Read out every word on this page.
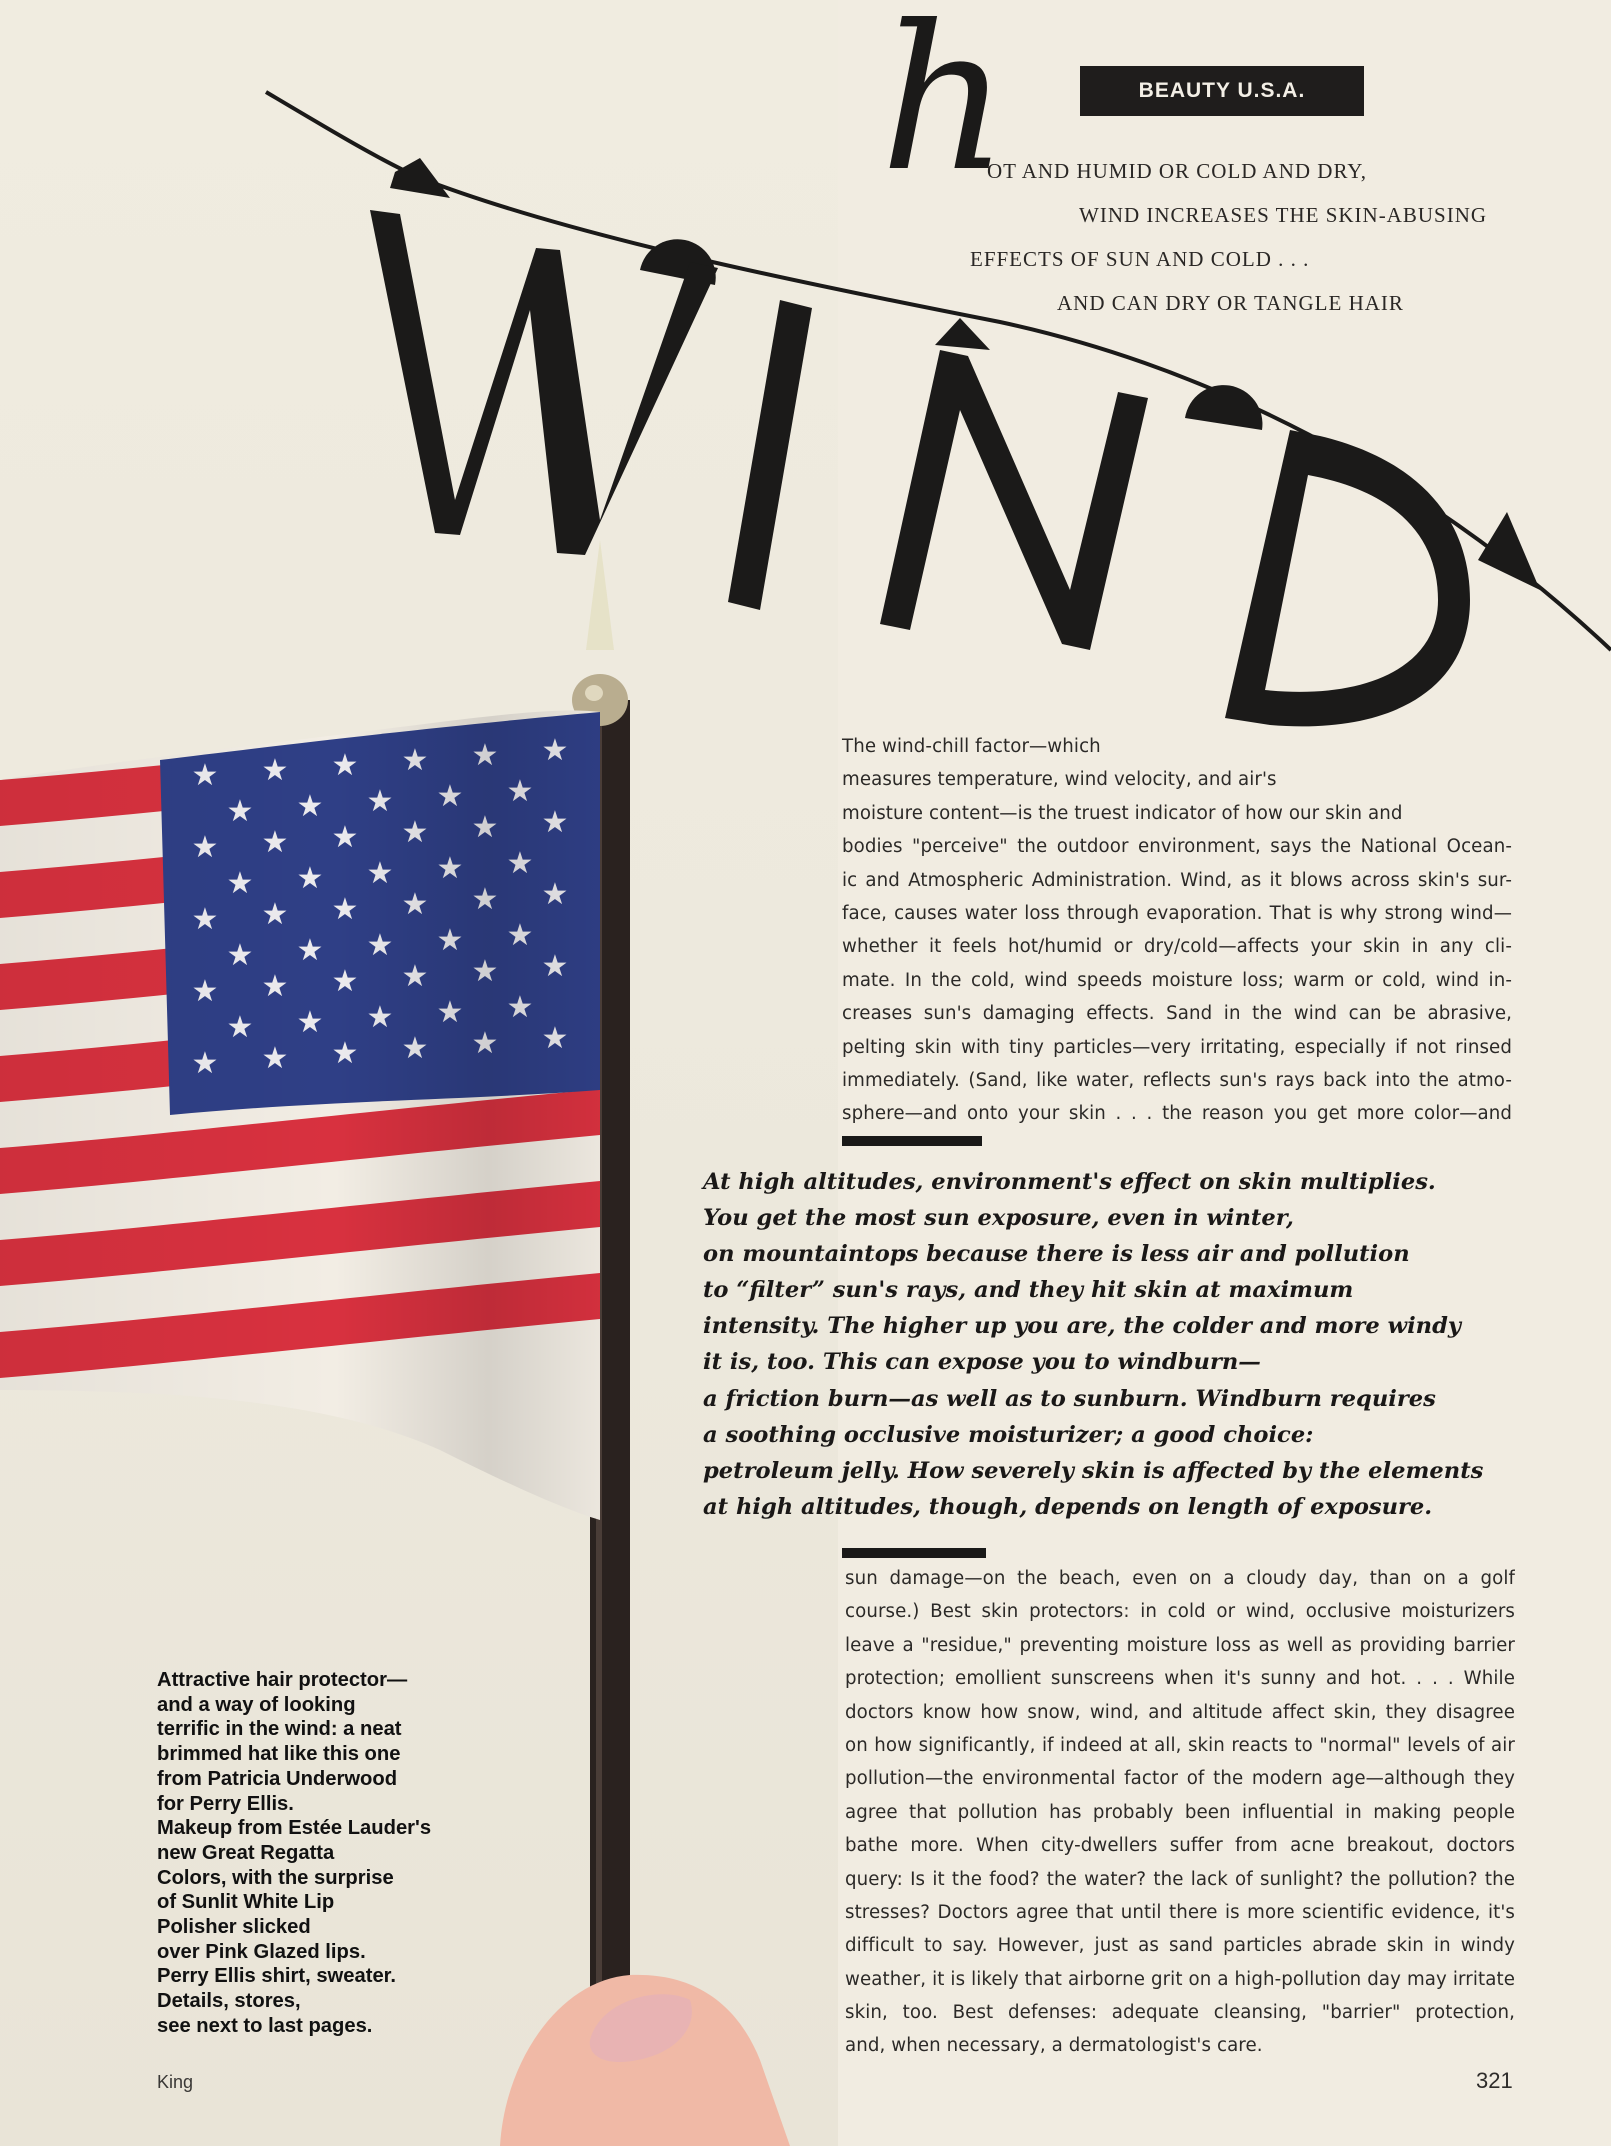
BEAUTY U.S.A.
h
OT AND HUMID OR COLD AND DRY,
WIND INCREASES THE SKIN-ABUSING
EFFECTS OF SUN AND COLD . . .
AND CAN DRY OR TANGLE HAIR
The wind-chill factor—which
measures temperature, wind velocity, and air's
moisture content—is the truest indicator of how our skin and
bodies "perceive" the outdoor environment, says the National Ocean-
ic and Atmospheric Administration. Wind, as it blows across skin's sur-
face, causes water loss through evaporation. That is why strong wind—
whether it feels hot/humid or dry/cold—affects your skin in any cli-
mate. In the cold, wind speeds moisture loss; warm or cold, wind in-
creases sun's damaging effects. Sand in the wind can be abrasive,
pelting skin with tiny particles—very irritating, especially if not rinsed
immediately. (Sand, like water, reflects sun's rays back into the atmo-
sphere—and onto your skin . . . the reason you get more color—and
At high altitudes, environment's effect on skin multiplies.
You get the most sun exposure, even in winter,
on mountaintops because there is less air and pollution
to “filter” sun's rays, and they hit skin at maximum
intensity. The higher up you are, the colder and more windy
it is, too. This can expose you to windburn—
a friction burn—as well as to sunburn. Windburn requires
a soothing occlusive moisturizer; a good choice:
petroleum jelly. How severely skin is affected by the elements
at high altitudes, though, depends on length of exposure.
sun damage—on the beach, even on a cloudy day, than on a golf
course.) Best skin protectors: in cold or wind, occlusive moisturizers
leave a "residue," preventing moisture loss as well as providing barrier
protection; emollient sunscreens when it's sunny and hot. . . . While
doctors know how snow, wind, and altitude affect skin, they disagree
on how significantly, if indeed at all, skin reacts to "normal" levels of air
pollution—the environmental factor of the modern age—although they
agree that pollution has probably been influential in making people
bathe more. When city-dwellers suffer from acne breakout, doctors
query: Is it the food? the water? the lack of sunlight? the pollution? the
stresses? Doctors agree that until there is more scientific evidence, it's
difficult to say. However, just as sand particles abrade skin in windy
weather, it is likely that airborne grit on a high-pollution day may irritate
skin, too. Best defenses: adequate cleansing, "barrier" protection,
and, when necessary, a dermatologist's care.
Attractive hair protector—
and a way of looking
terrific in the wind: a neat
brimmed hat like this one
from Patricia Underwood
for Perry Ellis.
Makeup from Estée Lauder's
new Great Regatta
Colors, with the surprise
of Sunlit White Lip
Polisher slicked
over Pink Glazed lips.
Perry Ellis shirt, sweater.
Details, stores,
see next to last pages.
King	321
